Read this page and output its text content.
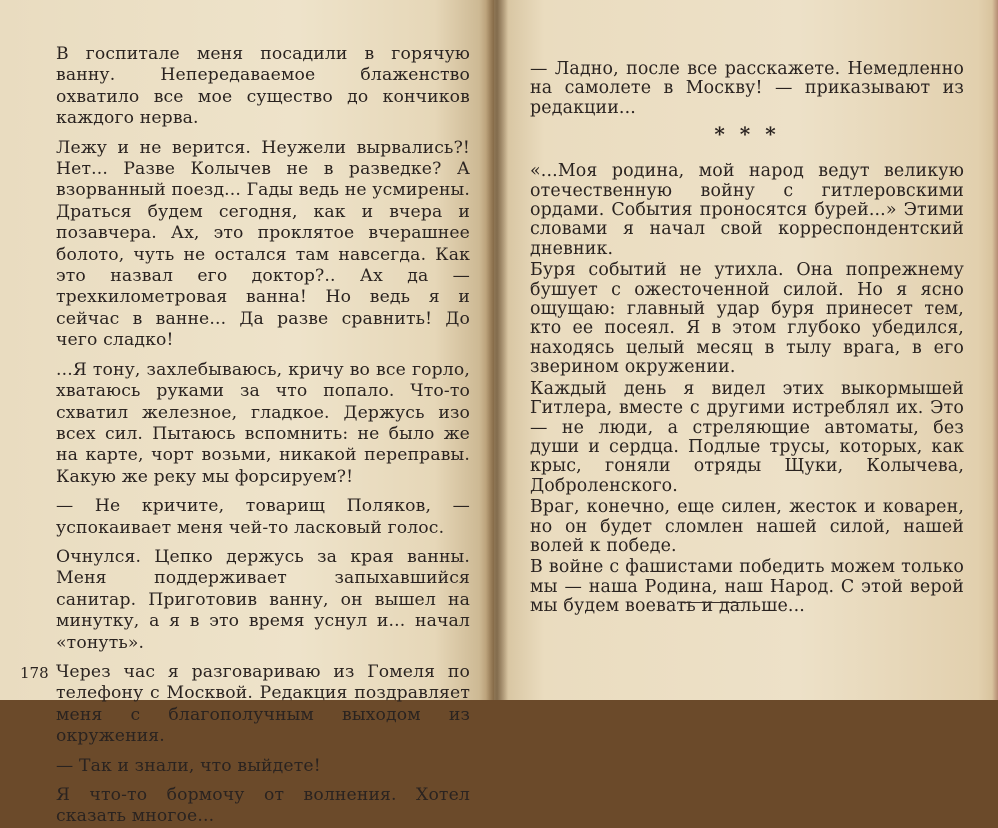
В госпитале меня посадили в горячую ванну. Непередаваемое блаженство охватило все мое существо до кончиков каждого нерва.

Лежу и не верится. Неужели вырвались?! Нет... Разве Колычев не в разведке? А взорванный поезд... Гады ведь не усмирены. Драться будем сегодня, как и вчера и позавчера. Ах, это проклятое вчерашнее болото, чуть не остался там навсегда. Как это назвал его доктор?.. Ах да — трехкилометровая ванна! Но ведь я и сейчас в ванне... Да разве сравнить! До чего сладко!

...Я тону, захлебываюсь, кричу во все горло, хватаюсь руками за что попало. Что-то схватил железное, гладкое. Держусь изо всех сил. Пытаюсь вспомнить: не было же на карте, чорт возьми, никакой переправы. Какую же реку мы форсируем?!

— Не кричите, товарищ Поляков, — успокаивает меня чей-то ласковый голос.

Очнулся. Цепко держусь за края ванны. Меня поддерживает запыхавшийся санитар. Приготовив ванну, он вышел на минутку, а я в это время уснул и... начал «тонуть».

Через час я разговариваю из Гомеля по телефону с Москвой. Редакция поздравляет меня с благополучным выходом из окружения.

— Так и знали, что выйдете!

Я что-то бормочу от волнения. Хотел сказать многое...

178

— Ладно, после все расскажете. Немедленно на самолете в Москву! — приказывают из редакции...

* * *

«...Моя родина, мой народ ведут великую отечественную войну с гитлеровскими ордами. События проносятся бурей...» Этими словами я начал свой корреспондентский дневник.

Буря событий не утихла. Она попрежнему бушует с ожесточенной силой. Но я ясно ощущаю: главный удар буря принесет тем, кто ее посеял. Я в этом глубоко убедился, находясь целый месяц в тылу врага, в его зверином окружении.

Каждый день я видел этих выкормышей Гитлера, вместе с другими истреблял их. Это — не люди, а стреляющие автоматы, без души и сердца. Подлые трусы, которых, как крыс, гоняли отряды Щуки, Колычева, Доброленского.

Враг, конечно, еще силен, жесток и коварен, но он будет сломлен нашей силой, нашей волей к победе.

В войне с фашистами победить можем только мы — наша Родина, наш Народ. С этой верой мы будем воевать и дальше...
